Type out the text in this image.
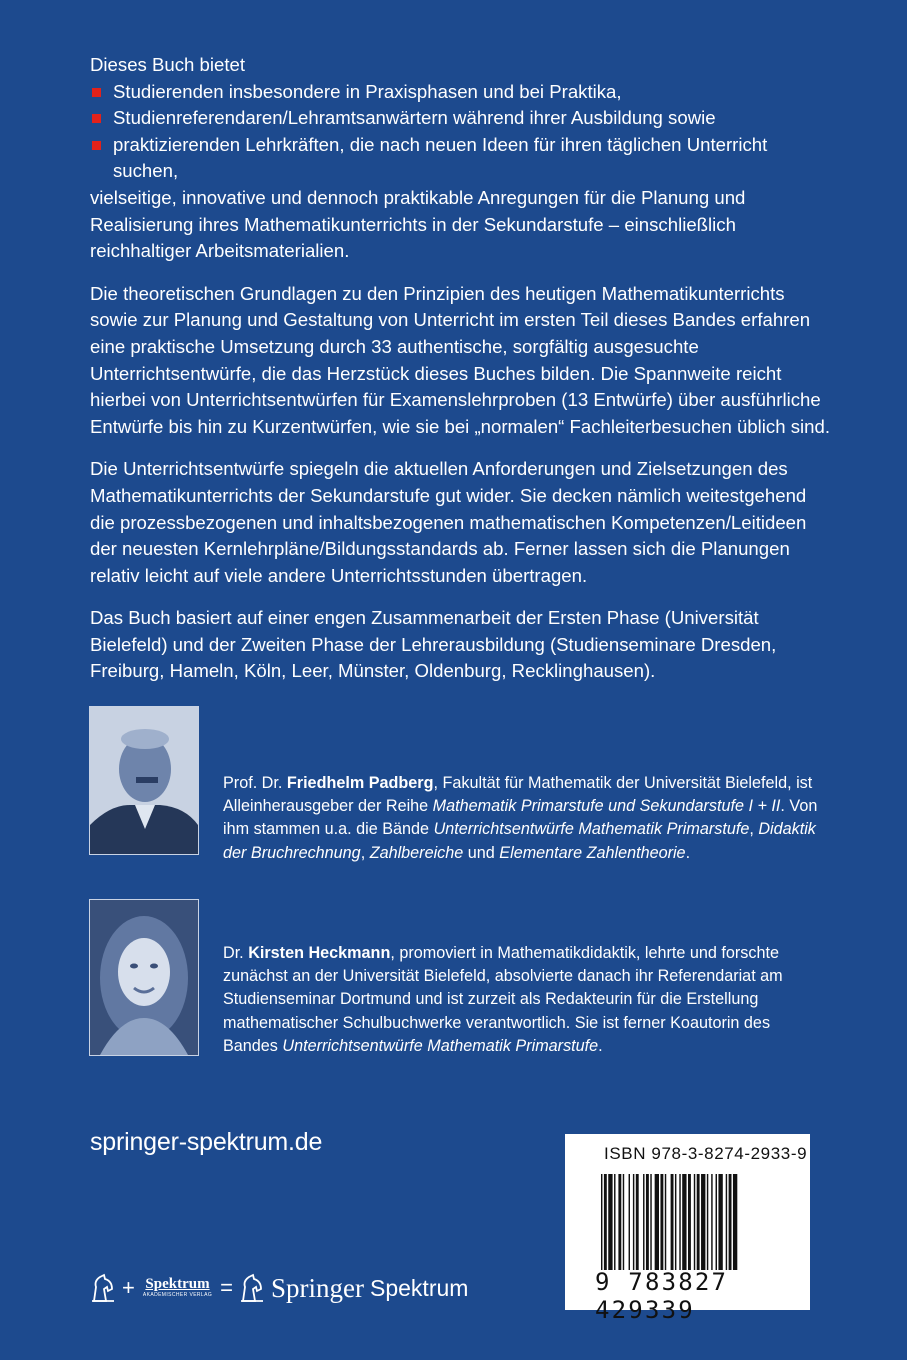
Dieses Buch bietet

Studierenden insbesondere in Praxisphasen und bei Praktika,
Studienreferendaren/Lehramtsanwärtern während ihrer Ausbildung sowie
praktizierenden Lehrkräften, die nach neuen Ideen für ihren täglichen Unterricht suchen,

vielseitige, innovative und dennoch praktikable Anregungen für die Planung und Realisierung ihres Mathematikunterrichts in der Sekundarstufe – einschließlich reichhaltiger Arbeitsmaterialien.

Die theoretischen Grundlagen zu den Prinzipien des heutigen Mathematikunterrichts sowie zur Planung und Gestaltung von Unterricht im ersten Teil dieses Bandes erfahren eine praktische Umsetzung durch 33 authentische, sorgfältig ausgesuchte Unterrichtsentwürfe, die das Herzstück dieses Buches bilden. Die Spannweite reicht hierbei von Unterrichtsentwürfen für Examenslehrproben (13 Entwürfe) über ausführliche Entwürfe bis hin zu Kurzentwürfen, wie sie bei „normalen“ Fachleiterbesuchen üblich sind.

Die Unterrichtsentwürfe spiegeln die aktuellen Anforderungen und Zielsetzungen des Mathematikunterrichts der Sekundarstufe gut wider. Sie decken nämlich weitestgehend die prozessbezogenen und inhaltsbezogenen mathematischen Kompetenzen/Leitideen der neuesten Kernlehrpläne/Bildungsstandards ab. Ferner lassen sich die Planungen relativ leicht auf viele andere Unterrichtsstunden übertragen.

Das Buch basiert auf einer engen Zusammenarbeit der Ersten Phase (Universität Bielefeld) und der Zweiten Phase der Lehrerausbildung (Studienseminare Dresden, Freiburg, Hameln, Köln, Leer, Münster, Oldenburg, Recklinghausen).

Prof. Dr. Friedhelm Padberg, Fakultät für Mathematik der Universität Bielefeld, ist Alleinherausgeber der Reihe Mathematik Primarstufe und Sekundarstufe I + II. Von ihm stammen u.a. die Bände Unterrichtsentwürfe Mathematik Primarstufe, Didaktik der Bruchrechnung, Zahlbereiche und Elementare Zahlentheorie.

Dr. Kirsten Heckmann, promoviert in Mathematikdidaktik, lehrte und forschte zunächst an der Universität Bielefeld, absolvierte danach ihr Referendariat am Studienseminar Dortmund und ist zurzeit als Redakteurin für die Erstellung mathematischer Schulbuchwerke verantwortlich. Sie ist ferner Koautorin des Bandes Unterrichtsentwürfe Mathematik Primarstufe.

springer-spektrum.de	ISBN 978-3-8274-2933-9
9 783827 429339
+ Spektrum
AKADEMISCHER VERLAG = Springer Spektrum
